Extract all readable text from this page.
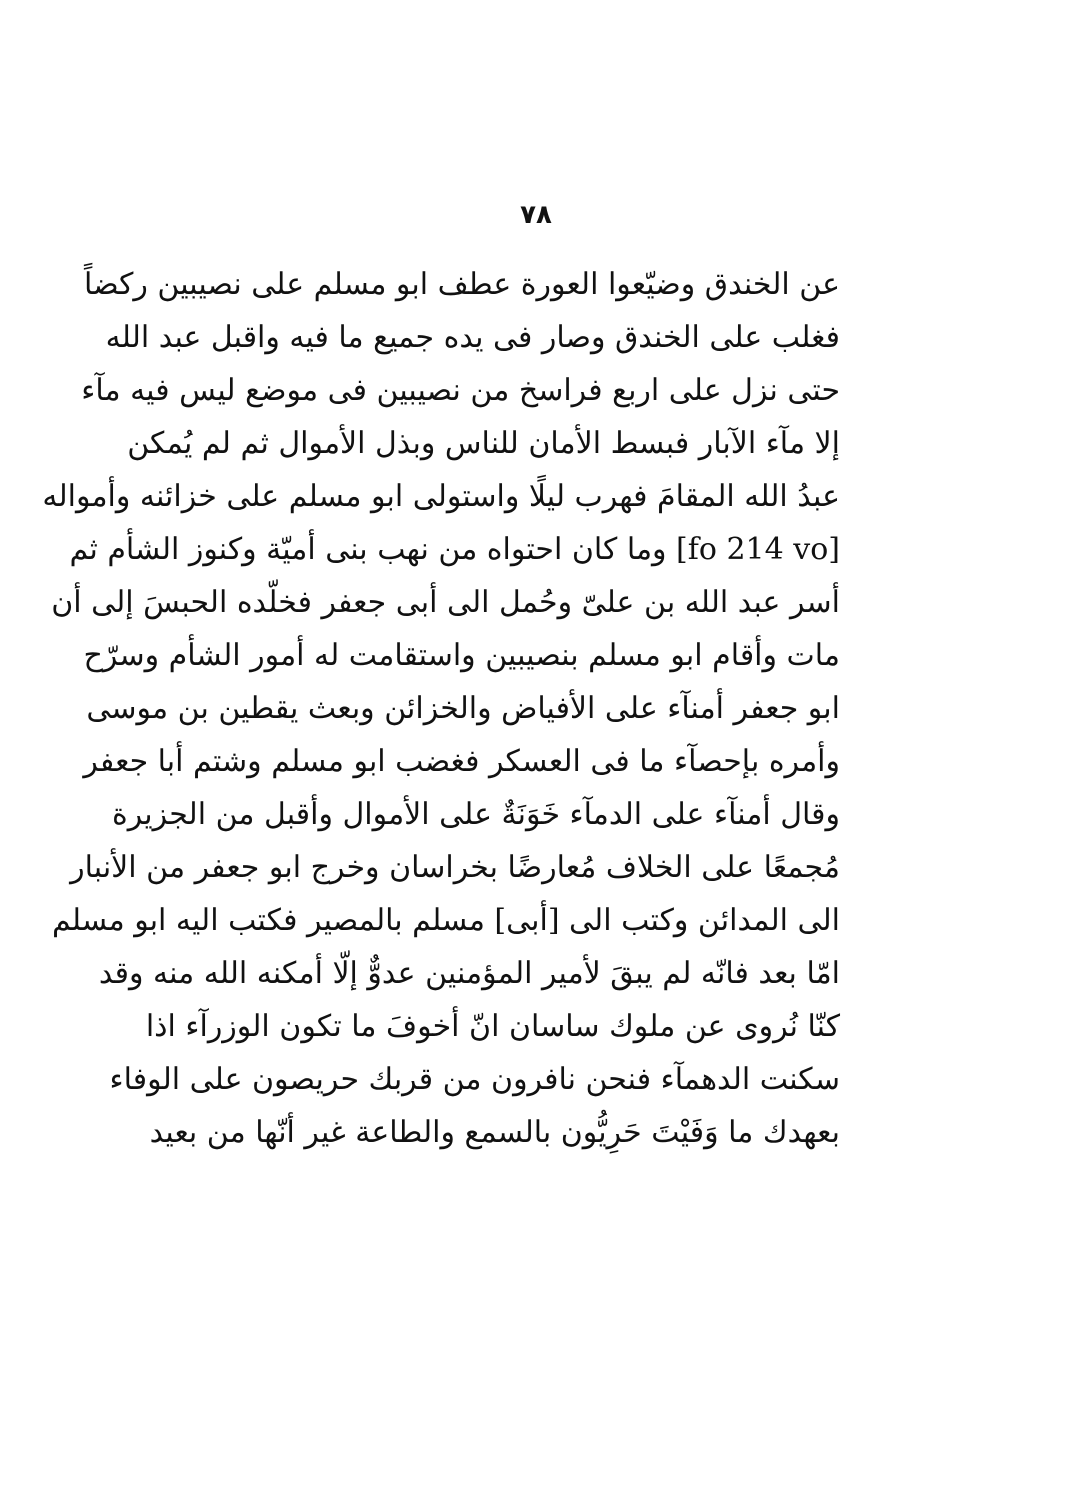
٧٨
عن الخندق وضيّعوا العورة عطف ابو مسلم على نصيبين ركضاً
فغلب على الخندق وصار فى يده جميع ما فيه واقبل عبد الله
حتى نزل على اربع فراسخ من نصيبين فى موضع ليس فيه مآء
إلا مآء الآبار فبسط الأمان للناس وبذل الأموال ثم لم يُمكن
عبدُ الله المقامَ فهرب ليلًا واستولى ابو مسلم على خزائنه وأمواله
[fo 214 vo] وما كان احتواه من نهب بنى أميّة وكنوز الشأم ثم
أسر عبد الله بن علىّ وحُمل الى أبى جعفر فخلّده الحبسَ إلى أن
مات وأقام ابو مسلم بنصيبين واستقامت له أمور الشأم وسرّح
ابو جعفر أمنآء على الأفياض والخزائن وبعث يقطين بن موسى
وأمره بإحصآء ما فى العسكر فغضب ابو مسلم وشتم أبا جعفر
وقال أمنآء على الدمآء خَوَنَةٌ على الأموال وأقبل من الجزيرة
مُجمعًا على الخلاف مُعارضًا بخراسان وخرج ابو جعفر من الأنبار
الى المدائن وكتب الى [أبى] مسلم بالمصير فكتب اليه ابو مسلم
امّا بعد فانّه لم يبقَ لأمير المؤمنين عدوٌّ إلّا أمكنه الله منه وقد
كنّا نُروى عن ملوك ساسان انّ أخوفَ ما تكون الوزرآء اذا
سكنت الدهمآء فنحن نافرون من قربك حريصون على الوفاء
بعهدك ما وَفَيْتَ حَرِيُّون بالسمع والطاعة غير أنّها من بعيد
